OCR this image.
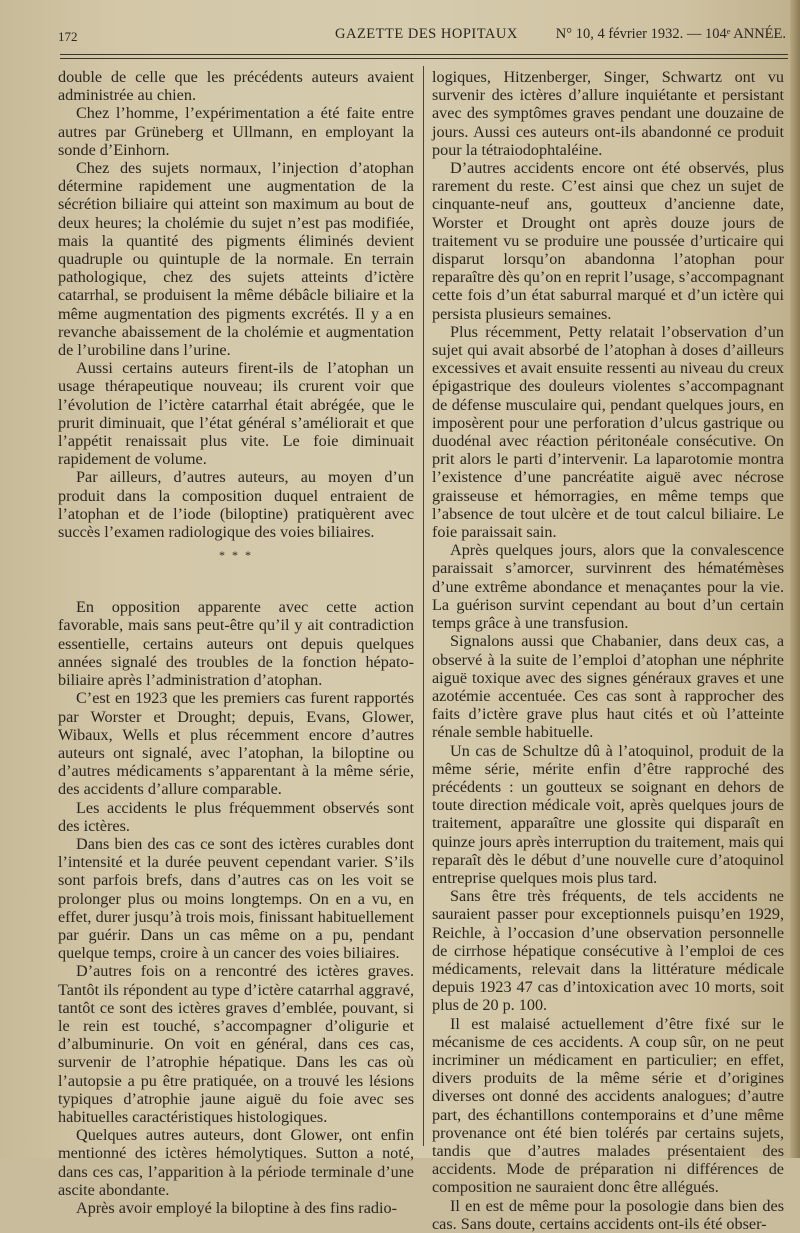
172	GAZETTE DES HOPITAUX	N° 10, 4 février 1932. — 104ᵉ ANNÉE.

double de celle que les précédents auteurs avaient administrée au chien.

Chez l’homme, l’expérimentation a été faite entre autres par Grüneberg et Ullmann, en employant la sonde d’Einhorn.

Chez des sujets normaux, l’injection d’atophan détermine rapidement une augmentation de la sécrétion biliaire qui atteint son maximum au bout de deux heures; la cholémie du sujet n’est pas modifiée, mais la quantité des pigments éliminés devient quadruple ou quintuple de la normale. En terrain pathologique, chez des sujets atteints d’ictère catarrhal, se produisent la même débâcle biliaire et la même augmentation des pigments excrétés. Il y a en revanche abaissement de la cholémie et augmentation de l’urobiline dans l’urine.

Aussi certains auteurs firent-ils de l’atophan un usage thérapeutique nouveau; ils crurent voir que l’évolution de l’ictère catarrhal était abrégée, que le prurit diminuait, que l’état général s’améliorait et que l’appétit renaissait plus vite. Le foie diminuait rapidement de volume.

Par ailleurs, d’autres auteurs, au moyen d’un produit dans la composition duquel entraient de l’atophan et de l’iode (biloptine) pratiquèrent avec succès l’examen radiologique des voies biliaires.

* * *

En opposition apparente avec cette action favorable, mais sans peut-être qu’il y ait contradiction essentielle, certains auteurs ont depuis quelques années signalé des troubles de la fonction hépato-biliaire après l’administration d’atophan.

C’est en 1923 que les premiers cas furent rapportés par Worster et Drought; depuis, Evans, Glower, Wibaux, Wells et plus récemment encore d’autres auteurs ont signalé, avec l’atophan, la biloptine ou d’autres médicaments s’apparentant à la même série, des accidents d’allure comparable.

Les accidents le plus fréquemment observés sont des ictères.

Dans bien des cas ce sont des ictères curables dont l’intensité et la durée peuvent cependant varier. S’ils sont parfois brefs, dans d’autres cas on les voit se prolonger plus ou moins longtemps. On en a vu, en effet, durer jusqu’à trois mois, finissant habituellement par guérir. Dans un cas même on a pu, pendant quelque temps, croire à un cancer des voies biliaires.

D’autres fois on a rencontré des ictères graves. Tantôt ils répondent au type d’ictère catarrhal aggravé, tantôt ce sont des ictères graves d’emblée, pouvant, si le rein est touché, s’accompagner d’oligurie et d’albuminurie. On voit en général, dans ces cas, survenir de l’atrophie hépatique. Dans les cas où l’autopsie a pu être pratiquée, on a trouvé les lésions typiques d’atrophie jaune aiguë du foie avec ses habituelles caractéristiques histologiques.

Quelques autres auteurs, dont Glower, ont enfin mentionné des ictères hémolytiques. Sutton a noté, dans ces cas, l’apparition à la période terminale d’une ascite abondante.

Après avoir employé la biloptine à des fins radio-

logiques, Hitzenberger, Singer, Schwartz ont vu survenir des ictères d’allure inquiétante et persistant avec des symptômes graves pendant une douzaine de jours. Aussi ces auteurs ont-ils abandonné ce produit pour la tétraiodophtaléine.

D’autres accidents encore ont été observés, plus rarement du reste. C’est ainsi que chez un sujet de cinquante-neuf ans, goutteux d’ancienne date, Worster et Drought ont après douze jours de traitement vu se produire une poussée d’urticaire qui disparut lorsqu’on abandonna l’atophan pour reparaître dès qu’on en reprit l’usage, s’accompagnant cette fois d’un état saburral marqué et d’un ictère qui persista plusieurs semaines.

Plus récemment, Petty relatait l’observation d’un sujet qui avait absorbé de l’atophan à doses d’ailleurs excessives et avait ensuite ressenti au niveau du creux épigastrique des douleurs violentes s’accompagnant de défense musculaire qui, pendant quelques jours, en imposèrent pour une perforation d’ulcus gastrique ou duodénal avec réaction péritonéale consécutive. On prit alors le parti d’intervenir. La laparotomie montra l’existence d’une pancréatite aiguë avec nécrose graisseuse et hémorragies, en même temps que l’absence de tout ulcère et de tout calcul biliaire. Le foie paraissait sain.

Après quelques jours, alors que la convalescence paraissait s’amorcer, survinrent des hématémèses d’une extrême abondance et menaçantes pour la vie. La guérison survint cependant au bout d’un certain temps grâce à une transfusion.

Signalons aussi que Chabanier, dans deux cas, a observé à la suite de l’emploi d’atophan une néphrite aiguë toxique avec des signes généraux graves et une azotémie accentuée. Ces cas sont à rapprocher des faits d’ictère grave plus haut cités et où l’atteinte rénale semble habituelle.

Un cas de Schultze dû à l’atoquinol, produit de la même série, mérite enfin d’être rapproché des précédents : un goutteux se soignant en dehors de toute direction médicale voit, après quelques jours de traitement, apparaître une glossite qui disparaît en quinze jours après interruption du traitement, mais qui reparaît dès le début d’une nouvelle cure d’atoquinol entreprise quelques mois plus tard.

Sans être très fréquents, de tels accidents ne sauraient passer pour exceptionnels puisqu’en 1929, Reichle, à l’occasion d’une observation personnelle de cirrhose hépatique consécutive à l’emploi de ces médicaments, relevait dans la littérature médicale depuis 1923 47 cas d’intoxication avec 10 morts, soit plus de 20 p. 100.

Il est malaisé actuellement d’être fixé sur le mécanisme de ces accidents. A coup sûr, on ne peut incriminer un médicament en particulier; en effet, divers produits de la même série et d’origines diverses ont donné des accidents analogues; d’autre part, des échantillons contemporains et d’une même provenance ont été bien tolérés par certains sujets, tandis que d’autres malades présentaient des accidents. Mode de préparation ni différences de composition ne sauraient donc être allégués.

Il en est de même pour la posologie dans bien des cas. Sans doute, certains accidents ont-ils été obser-
